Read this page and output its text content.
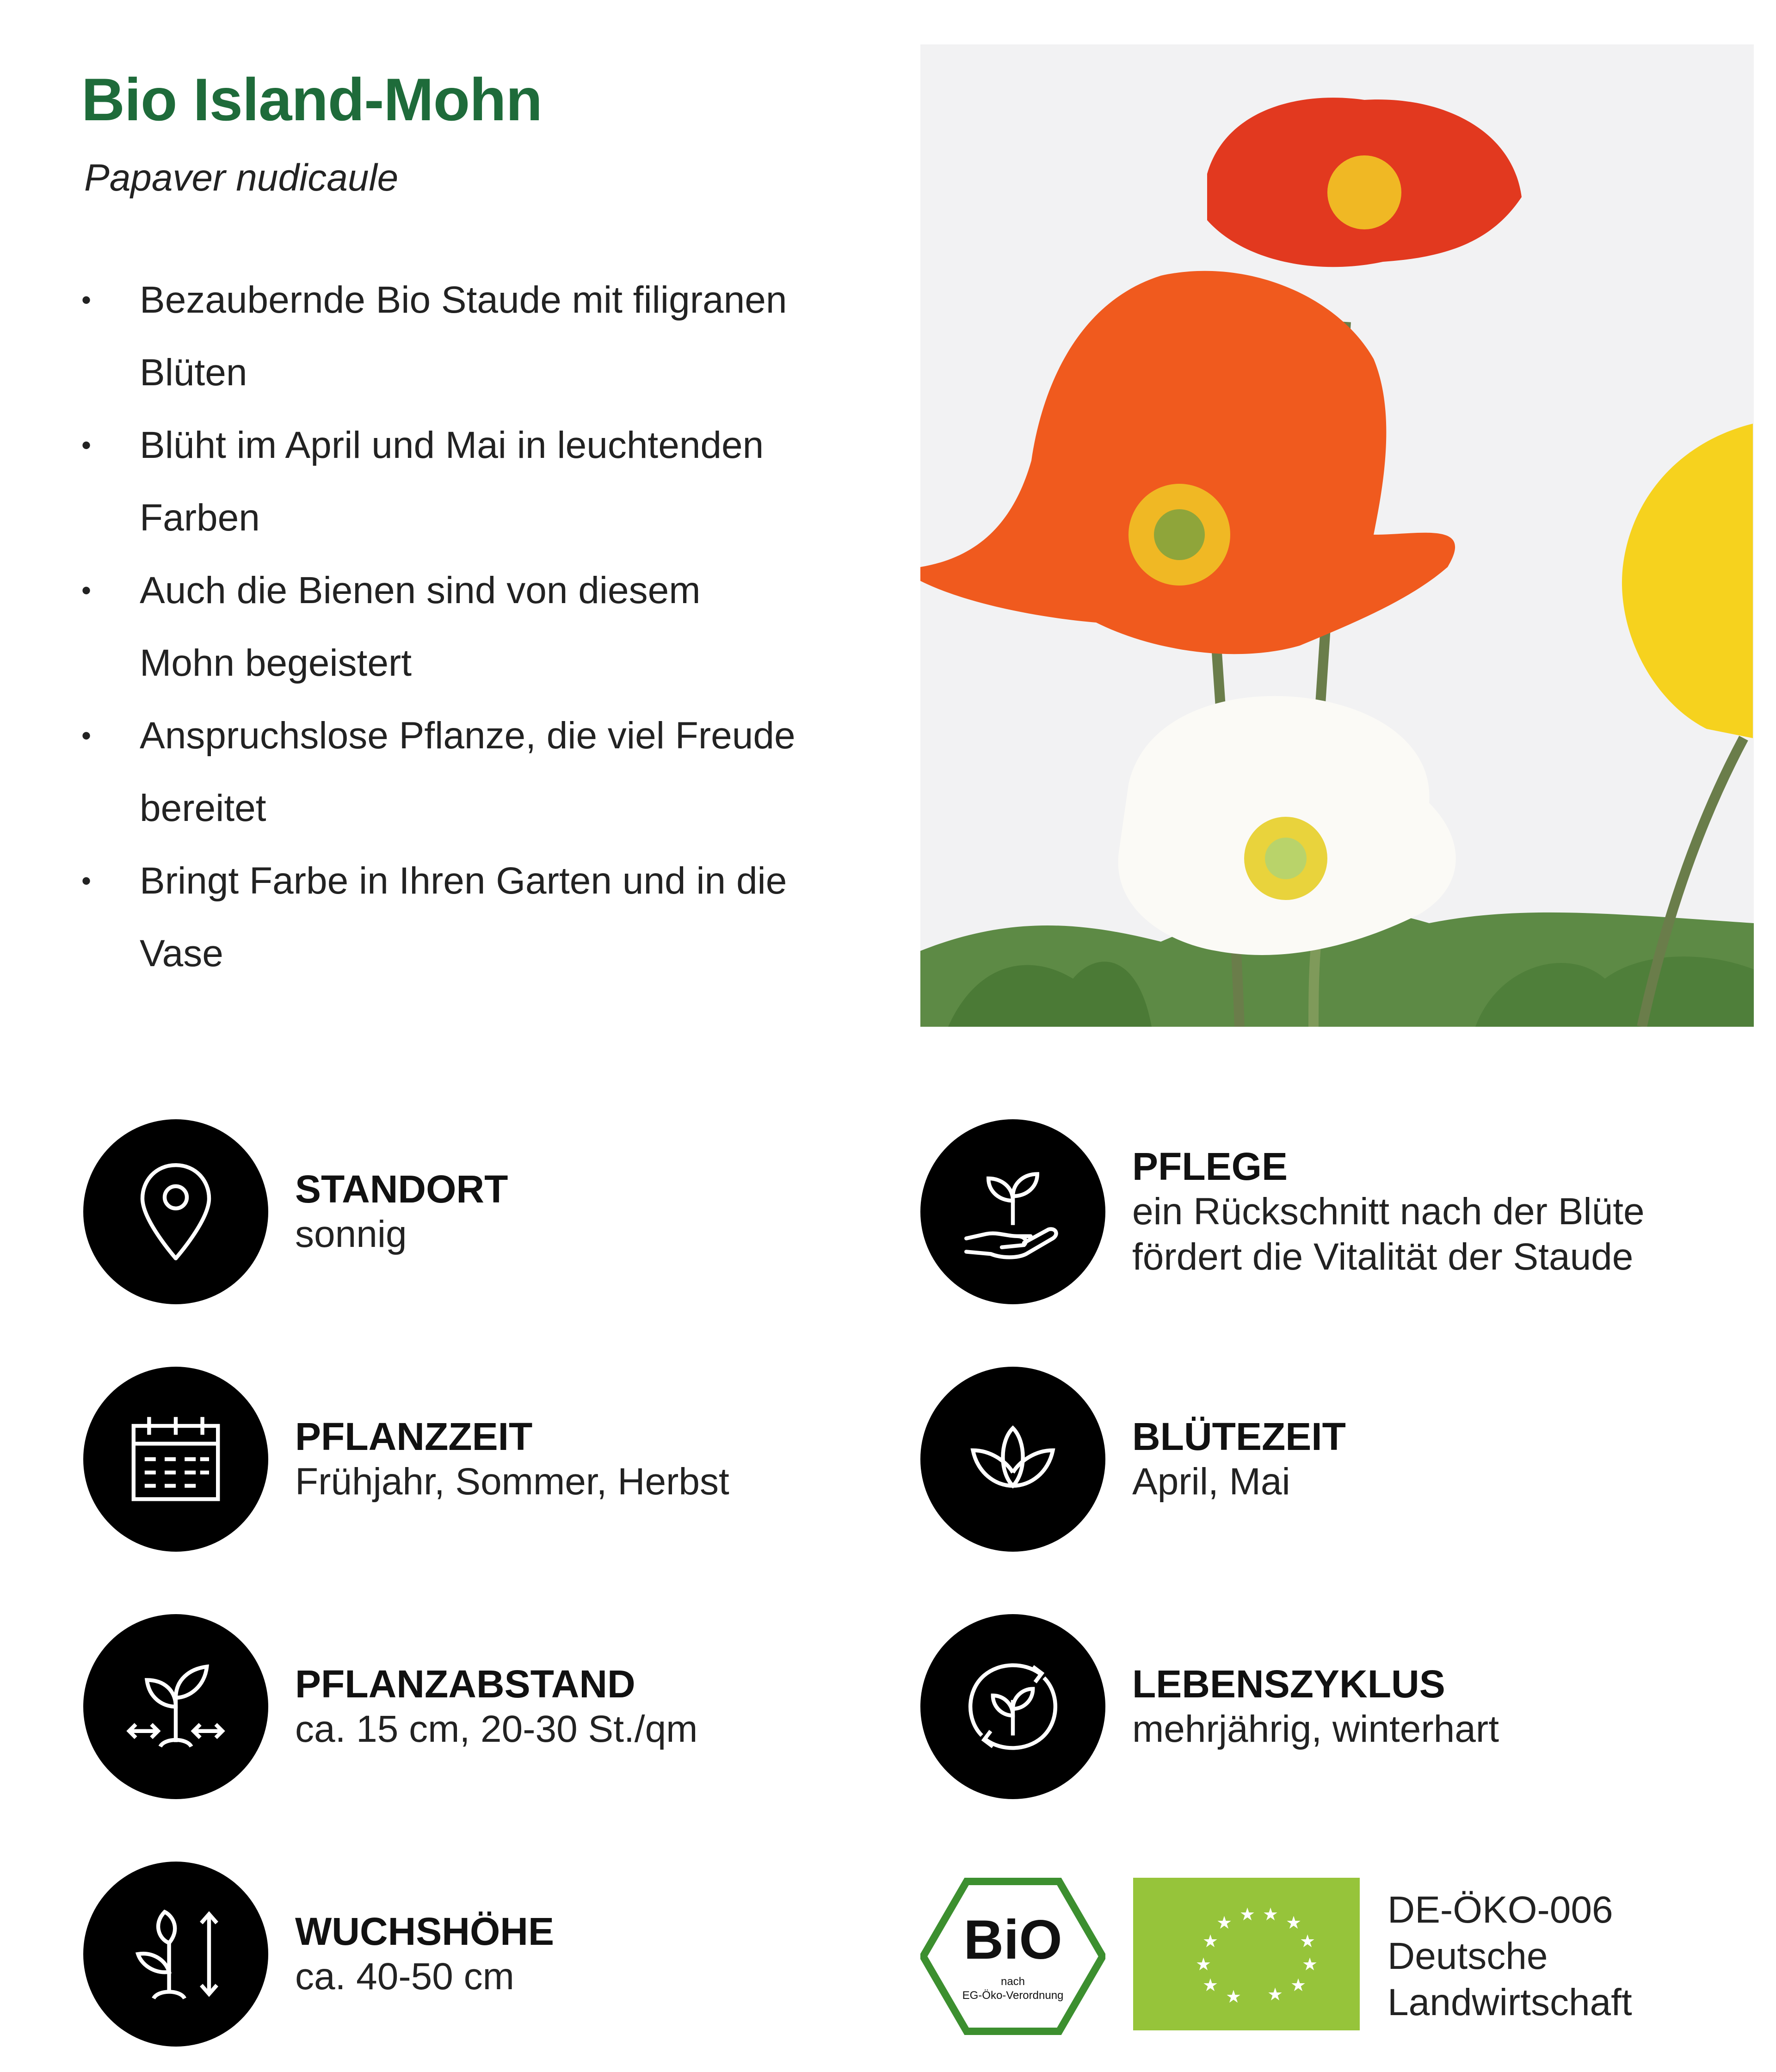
Bio Island-Mohn

Papaver nudicaule

• Bezaubernde Bio Staude mit filigranen Blüten
• Blüht im April und Mai in leuchtenden Farben
• Auch die Bienen sind von diesem Mohn begeistert
• Anspruchslose Pflanze, die viel Freude bereitet
• Bringt Farbe in Ihren Garten und in die Vase
STANDORT
sonnig
PFLEGE
ein Rückschnitt nach der Blüte
fördert die Vitalität der Staude
PFLANZZEIT
Frühjahr, Sommer, Herbst
BLÜTEZEIT
April, Mai
PFLANZABSTAND
ca. 15 cm, 20-30 St./qm
LEBENSZYKLUS
mehrjährig, winterhart
WUCHSHÖHE
ca. 40-50 cm
BiO
nach
EG-Öko-Verordnung
★ ★ ★ ★
★
★
★
★
★
★
★
★
DE-ÖKO-006
Deutsche
Landwirtschaft
